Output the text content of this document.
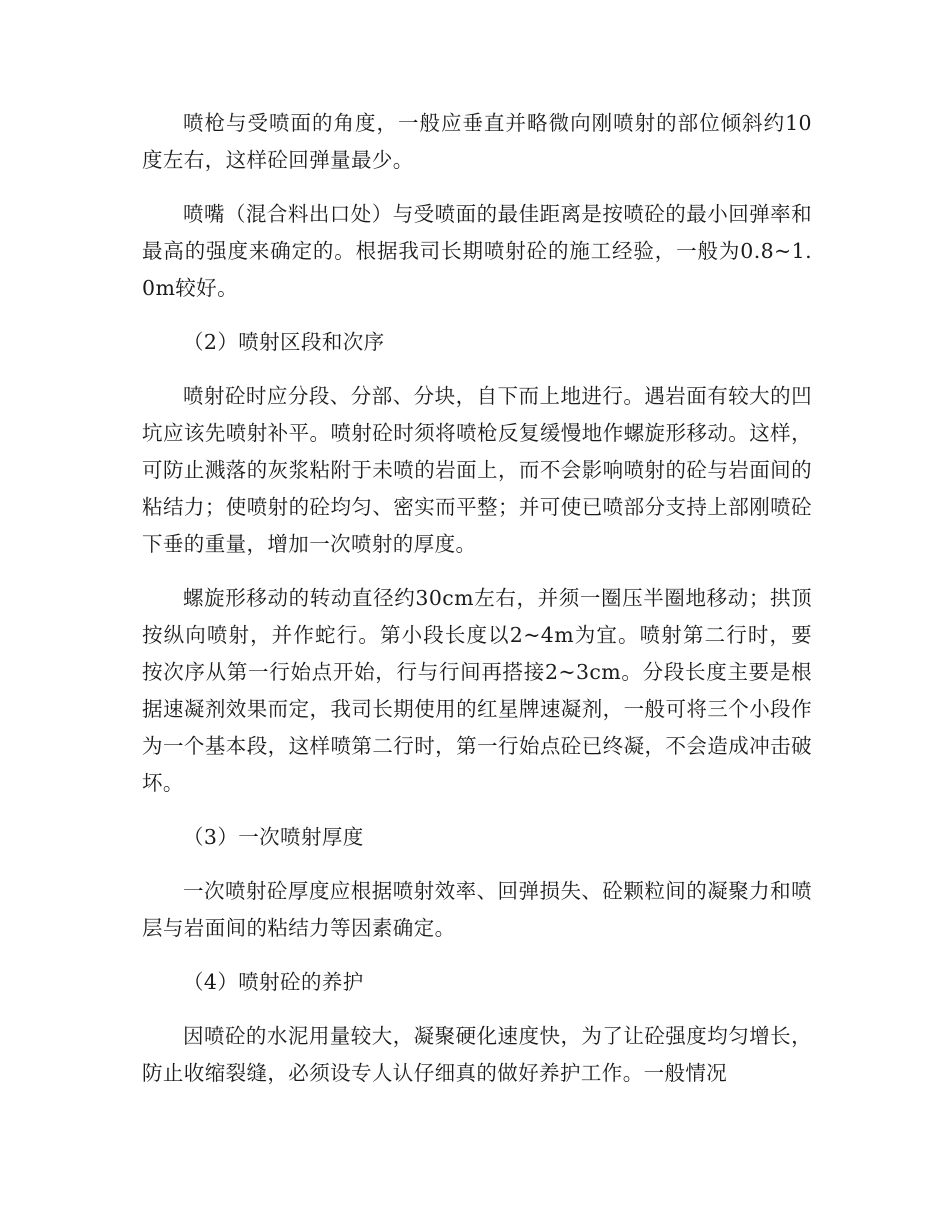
喷枪与受喷面的角度，一般应垂直并略微向刚喷射的部位倾斜约10度左右，这样砼回弹量最少。

喷嘴（混合料出口处）与受喷面的最佳距离是按喷砼的最小回弹率和最高的强度来确定的。根据我司长期喷射砼的施工经验，一般为0.8~1.0m较好。

（2）喷射区段和次序

喷射砼时应分段、分部、分块，自下而上地进行。遇岩面有较大的凹坑应该先喷射补平。喷射砼时须将喷枪反复缓慢地作螺旋形移动。这样，可防止溅落的灰浆粘附于未喷的岩面上，而不会影响喷射的砼与岩面间的粘结力；使喷射的砼均匀、密实而平整；并可使已喷部分支持上部刚喷砼下垂的重量，增加一次喷射的厚度。

螺旋形移动的转动直径约30cm左右，并须一圈压半圈地移动；拱顶按纵向喷射，并作蛇行。第小段长度以2~4m为宜。喷射第二行时，要按次序从第一行始点开始，行与行间再搭接2~3cm。分段长度主要是根据速凝剂效果而定，我司长期使用的红星牌速凝剂，一般可将三个小段作为一个基本段，这样喷第二行时，第一行始点砼已终凝，不会造成冲击破坏。

（3）一次喷射厚度

一次喷射砼厚度应根据喷射效率、回弹损失、砼颗粒间的凝聚力和喷层与岩面间的粘结力等因素确定。

（4）喷射砼的养护

因喷砼的水泥用量较大，凝聚硬化速度快，为了让砼强度均匀增长，防止收缩裂缝，必须设专人认仔细真的做好养护工作。一般情况
